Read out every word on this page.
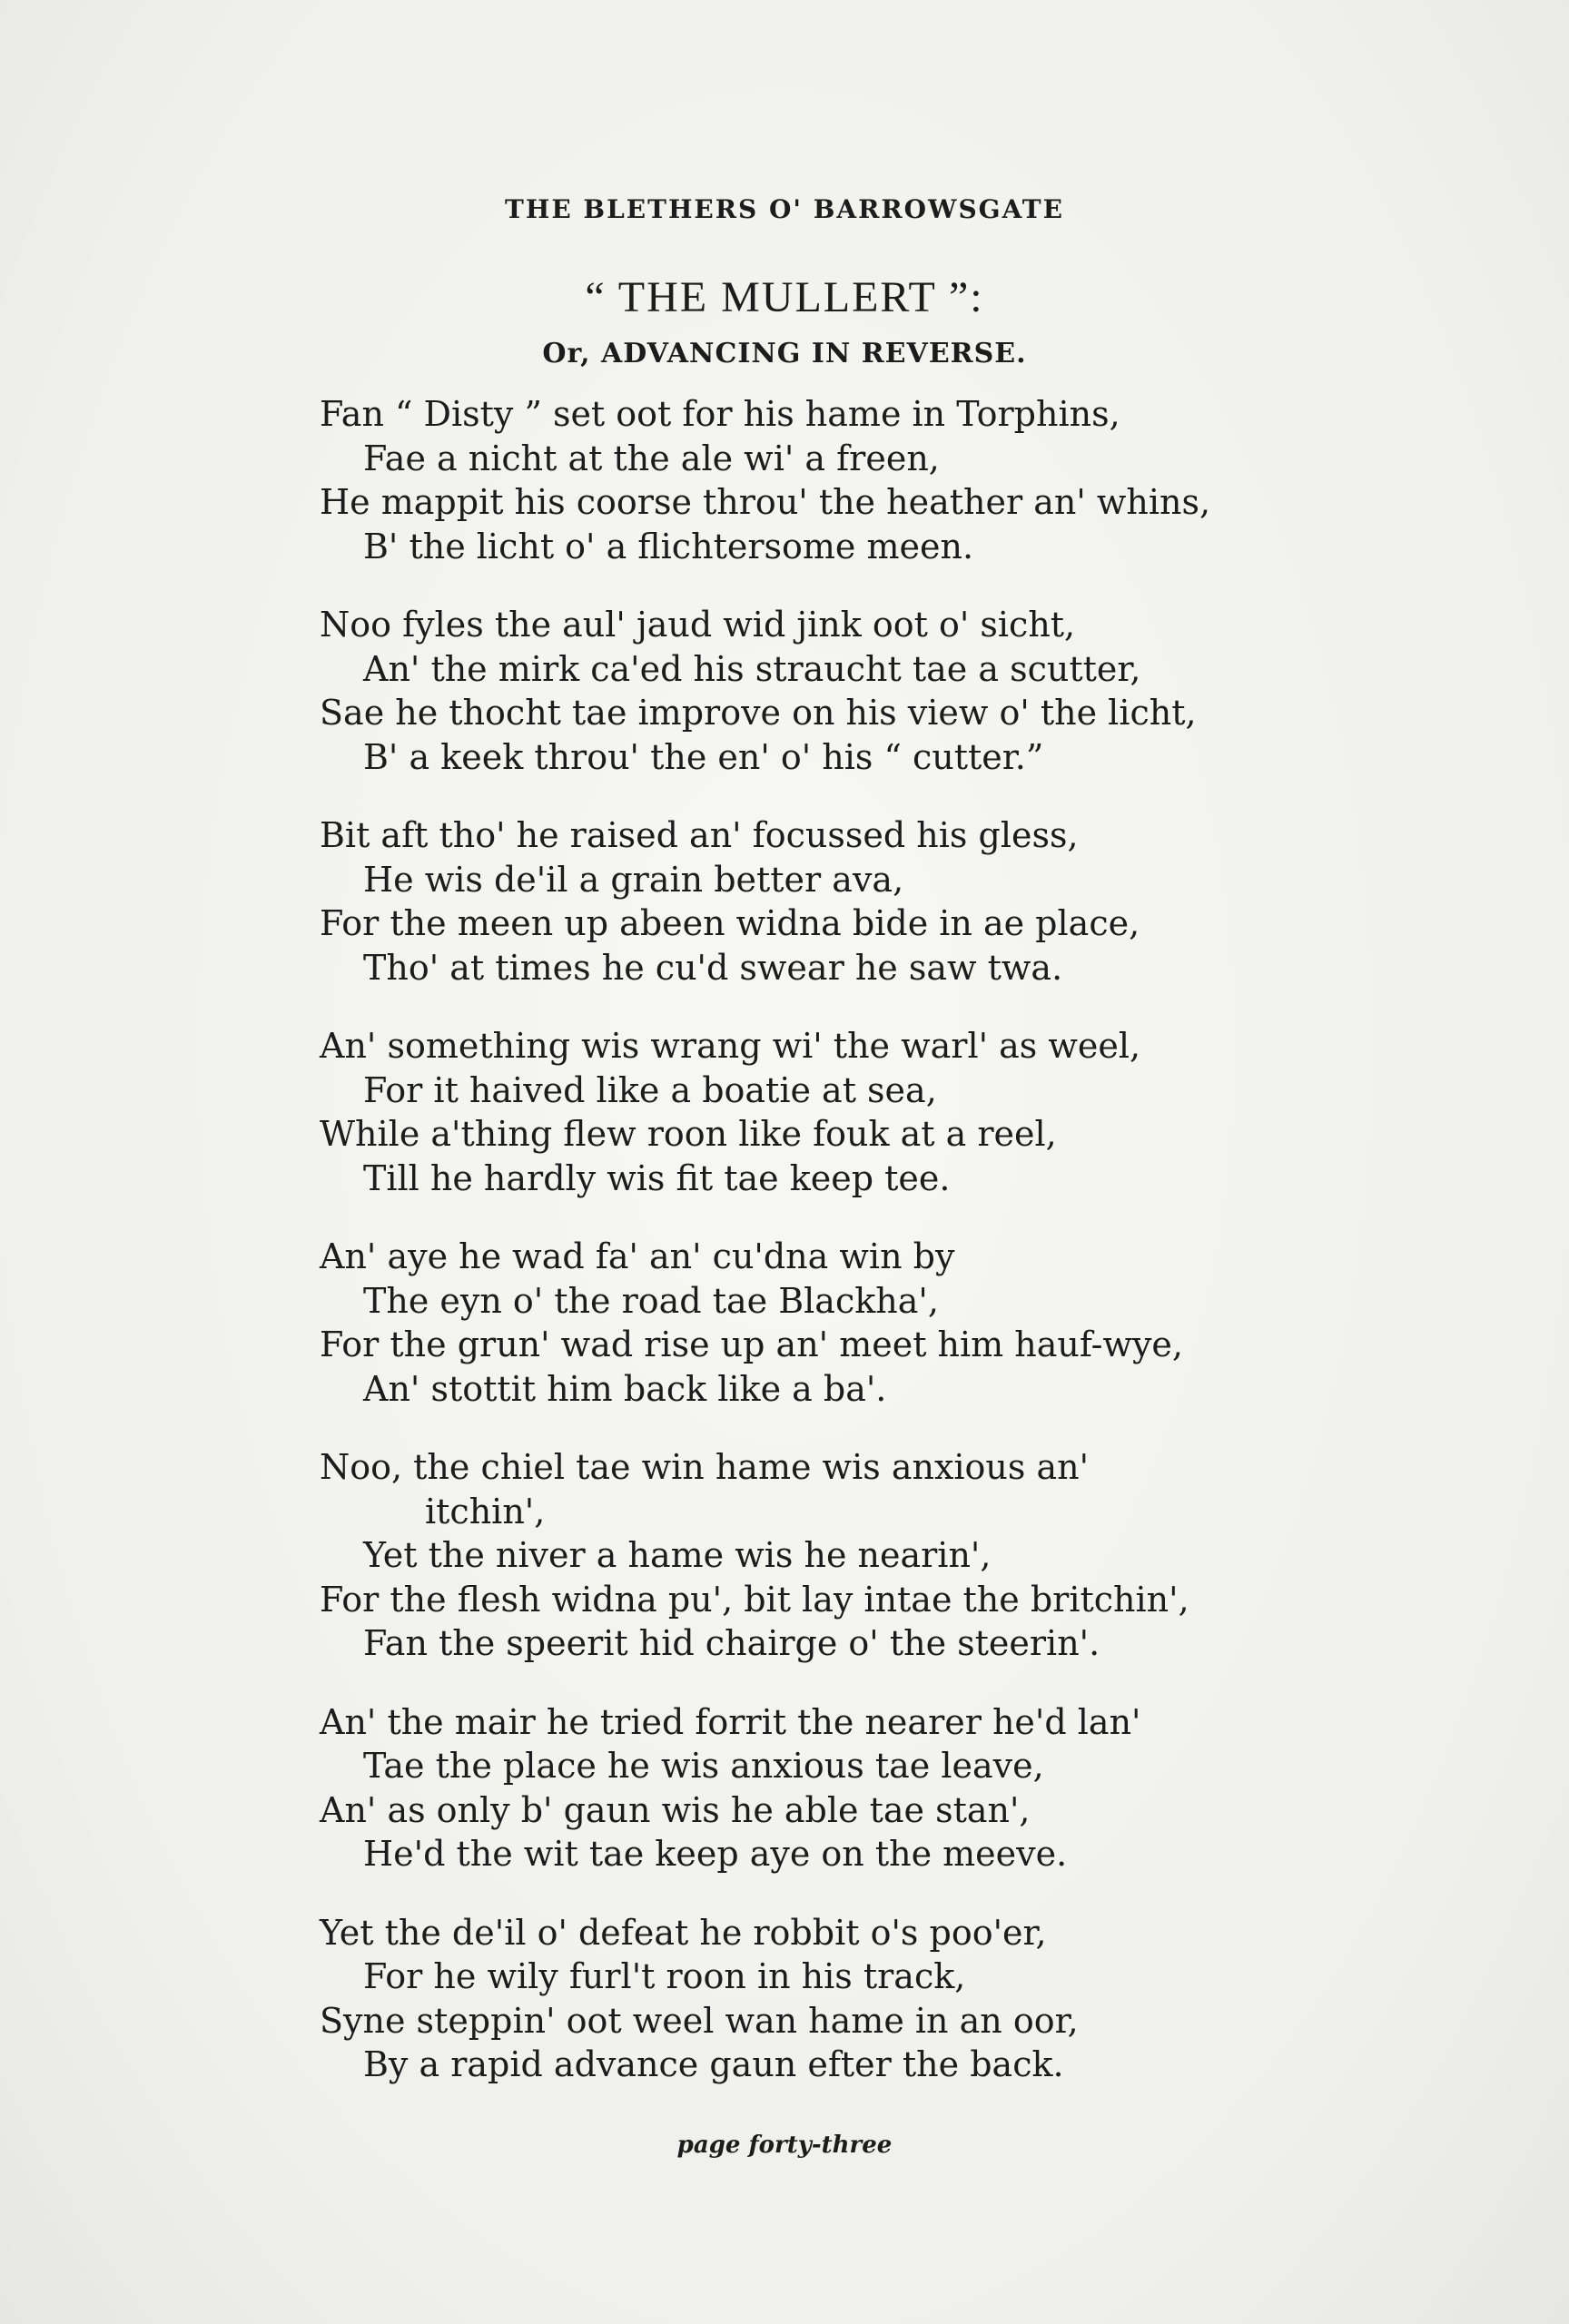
THE BLETHERS O' BARROWSGATE
“ THE MULLERT ”:
Or, ADVANCING IN REVERSE.
Fan “ Disty ” set oot for his hame in Torphins,
Fae a nicht at the ale wi' a freen,
He mappit his coorse throu' the heather an' whins,
B' the licht o' a flichtersome meen.
Noo fyles the aul' jaud wid jink oot o' sicht,
An' the mirk ca'ed his straucht tae a scutter,
Sae he thocht tae improve on his view o' the licht,
B' a keek throu' the en' o' his “ cutter.”
Bit aft tho' he raised an' focussed his gless,
He wis de'il a grain better ava,
For the meen up abeen widna bide in ae place,
Tho' at times he cu'd swear he saw twa.
An' something wis wrang wi' the warl' as weel,
For it haived like a boatie at sea,
While a'thing flew roon like fouk at a reel,
Till he hardly wis fit tae keep tee.
An' aye he wad fa' an' cu'dna win by
The eyn o' the road tae Blackha',
For the grun' wad rise up an' meet him hauf-wye,
An' stottit him back like a ba'.
Noo, the chiel tae win hame wis anxious an'
itchin',
Yet the niver a hame wis he nearin',
For the flesh widna pu', bit lay intae the britchin',
Fan the speerit hid chairge o' the steerin'.
An' the mair he tried forrit the nearer he'd lan'
Tae the place he wis anxious tae leave,
An' as only b' gaun wis he able tae stan',
He'd the wit tae keep aye on the meeve.
Yet the de'il o' defeat he robbit o's poo'er,
For he wily furl't roon in his track,
Syne steppin' oot weel wan hame in an oor,
By a rapid advance gaun efter the back.
page forty-three
